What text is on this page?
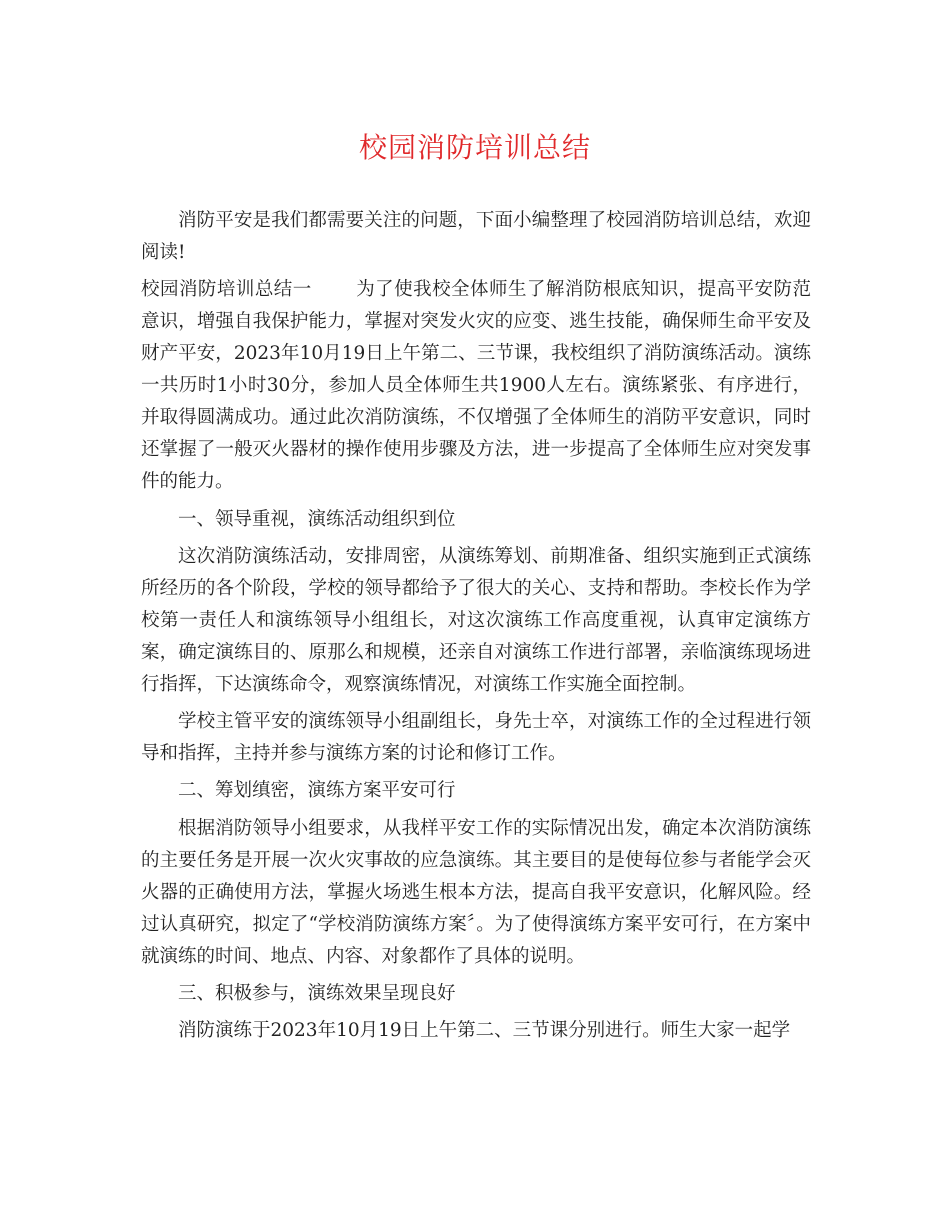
校园消防培训总结

消防平安是我们都需要关注的问题，下面小编整理了校园消防培训总结，欢迎阅读!

校园消防培训总结一 为了使我校全体师生了解消防根底知识，提高平安防范意识，增强自我保护能力，掌握对突发火灾的应变、逃生技能，确保师生命平安及财产平安，2023年10月19日上午第二、三节课，我校组织了消防演练活动。演练一共历时1小时30分，参加人员全体师生共1900人左右。演练紧张、有序进行，并取得圆满成功。通过此次消防演练，不仅增强了全体师生的消防平安意识，同时还掌握了一般灭火器材的操作使用步骤及方法，进一步提高了全体师生应对突发事件的能力。

一、领导重视，演练活动组织到位

这次消防演练活动，安排周密，从演练筹划、前期准备、组织实施到正式演练所经历的各个阶段，学校的领导都给予了很大的关心、支持和帮助。李校长作为学校第一责任人和演练领导小组组长，对这次演练工作高度重视，认真审定演练方案，确定演练目的、原那么和规模，还亲自对演练工作进行部署，亲临演练现场进行指挥，下达演练命令，观察演练情况，对演练工作实施全面控制。

学校主管平安的演练领导小组副组长，身先士卒，对演练工作的全过程进行领导和指挥，主持并参与演练方案的讨论和修订工作。

二、筹划缜密，演练方案平安可行

根据消防领导小组要求，从我样平安工作的实际情况出发，确定本次消防演练的主要任务是开展一次火灾事故的应急演练。其主要目的是使每位参与者能学会灭火器的正确使用方法，掌握火场逃生根本方法，提高自我平安意识，化解风险。经过认真研究，拟定了“学校消防演练方案〞。为了使得演练方案平安可行，在方案中就演练的时间、地点、内容、对象都作了具体的说明。

三、积极参与，演练效果呈现良好

消防演练于2023年10月19日上午第二、三节课分别进行。师生大家一起学
